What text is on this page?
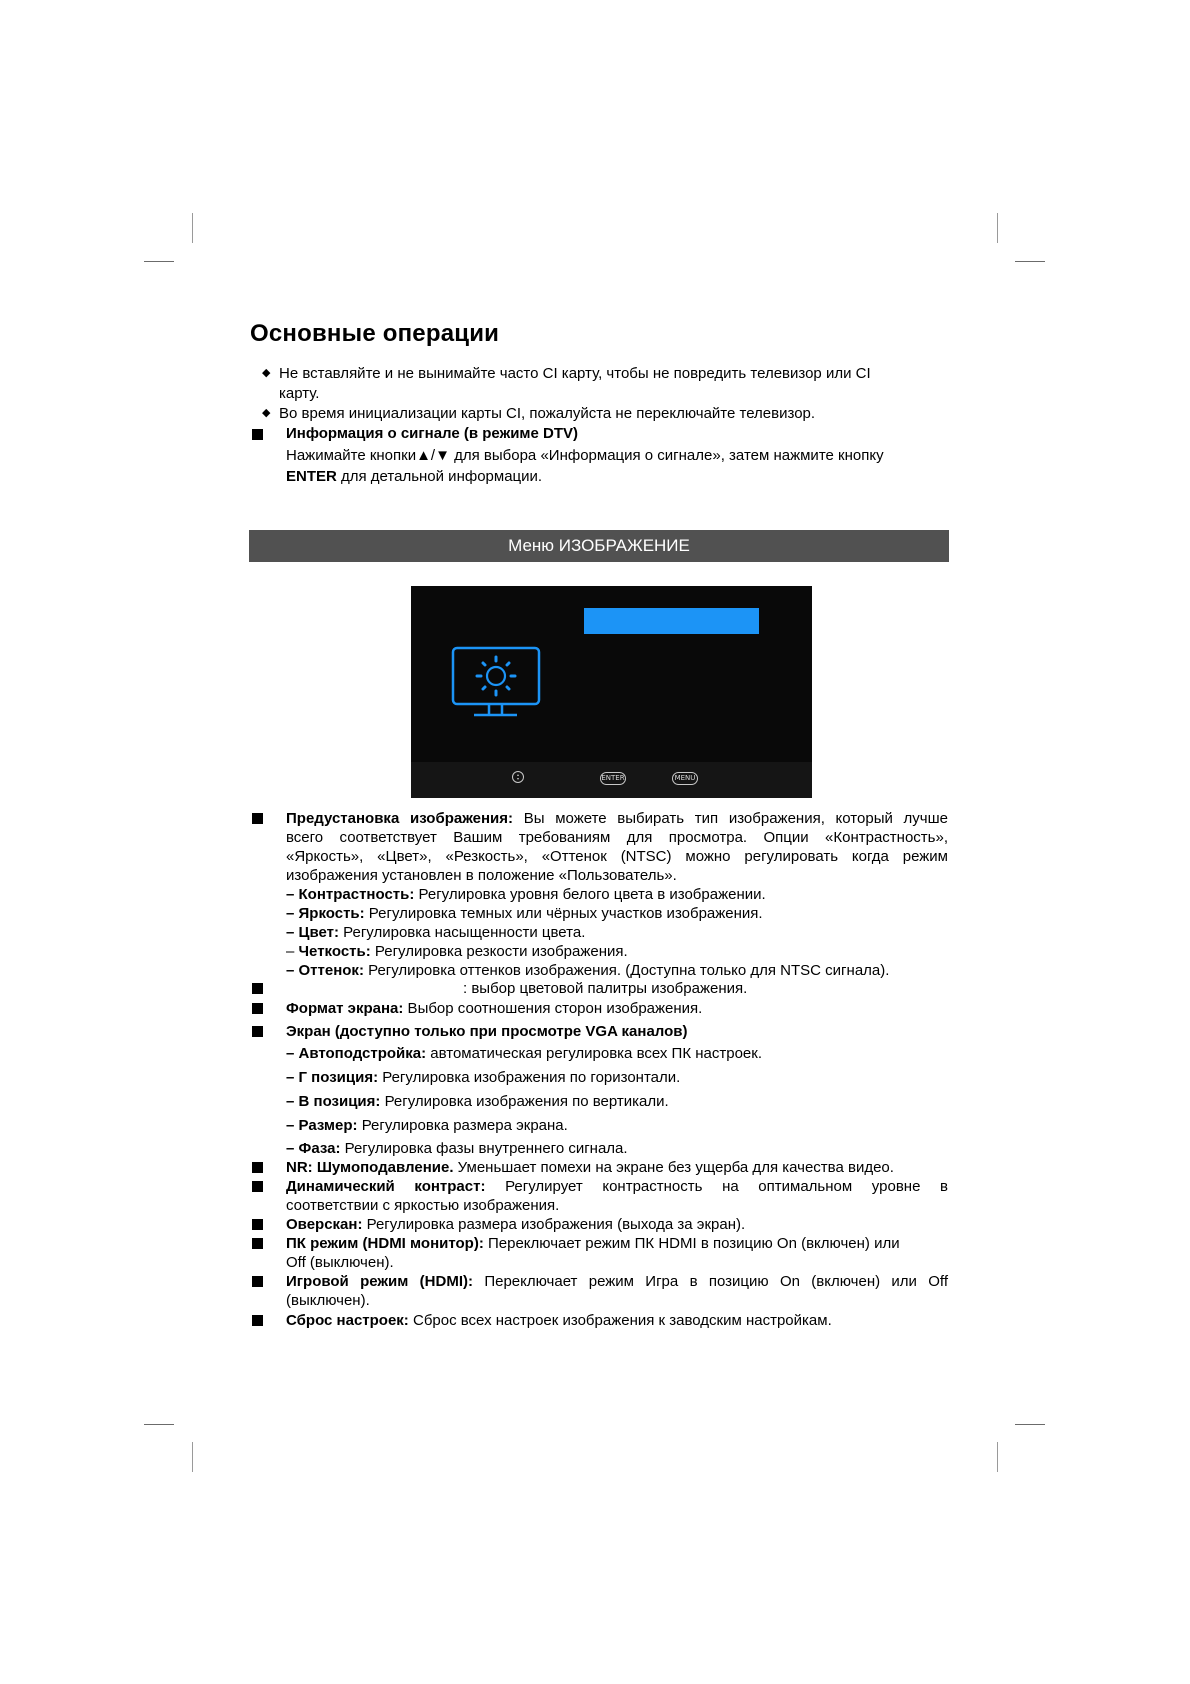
Основные операции
◆ Не вставляйте и не вынимайте часто CI карту, чтобы не повредить телевизор или CI
карту.
◆ Во время инициализации карты CI, пожалуйста не переключайте телевизор.
Информация о сигнале (в режиме DTV)
Нажимайте кнопки▲/▼ для выбора «Информация о сигнале», затем нажмите кнопку
ENTER для детальной информации.
Меню ИЗОБРАЖЕНИЕ
ENTER	MENU
Предустановка изображения: Вы можете выбирать тип изображения, который лучше
всего соответствует Вашим требованиям для просмотра. Опции «Контрастность»,
«Яркость», «Цвет», «Резкость», «Оттенок (NTSC) можно регулировать когда режим
изображения установлен в положение «Пользователь».
– Контрастность: Регулировка уровня белого цвета в изображении.
– Яркость: Регулировка темных или чёрных участков изображения.
– Цвет: Регулировка насыщенности цвета.
– Четкость: Регулировка резкости изображения.
– Оттенок: Регулировка оттенков изображения. (Доступна только для NTSC сигнала).
: выбор цветовой палитры изображения.
Формат экрана: Выбор соотношения сторон изображения.
Экран (доступно только при просмотре VGA каналов)
– Автоподстройка: автоматическая регулировка всех ПК настроек.
– Г позиция: Регулировка изображения по горизонтали.
– В позиция: Регулировка изображения по вертикали.
– Размер: Регулировка размера экрана.
– Фаза: Регулировка фазы внутреннего сигнала.
NR: Шумоподавление. Уменьшает помехи на экране без ущерба для качества видео.
Динамический контраст: Регулирует контрастность на оптимальном уровне в
соответствии с яркостью изображения.
Оверскан: Регулировка размера изображения (выхода за экран).
ПК режим (HDMI монитор): Переключает режим ПК HDMI в позицию On (включен) или
Off (выключен).
Игровой режим (HDMI): Переключает режим Игра в позицию On (включен) или Off
(выключен).
Сброс настроек: Сброс всех настроек изображения к заводским настройкам.
